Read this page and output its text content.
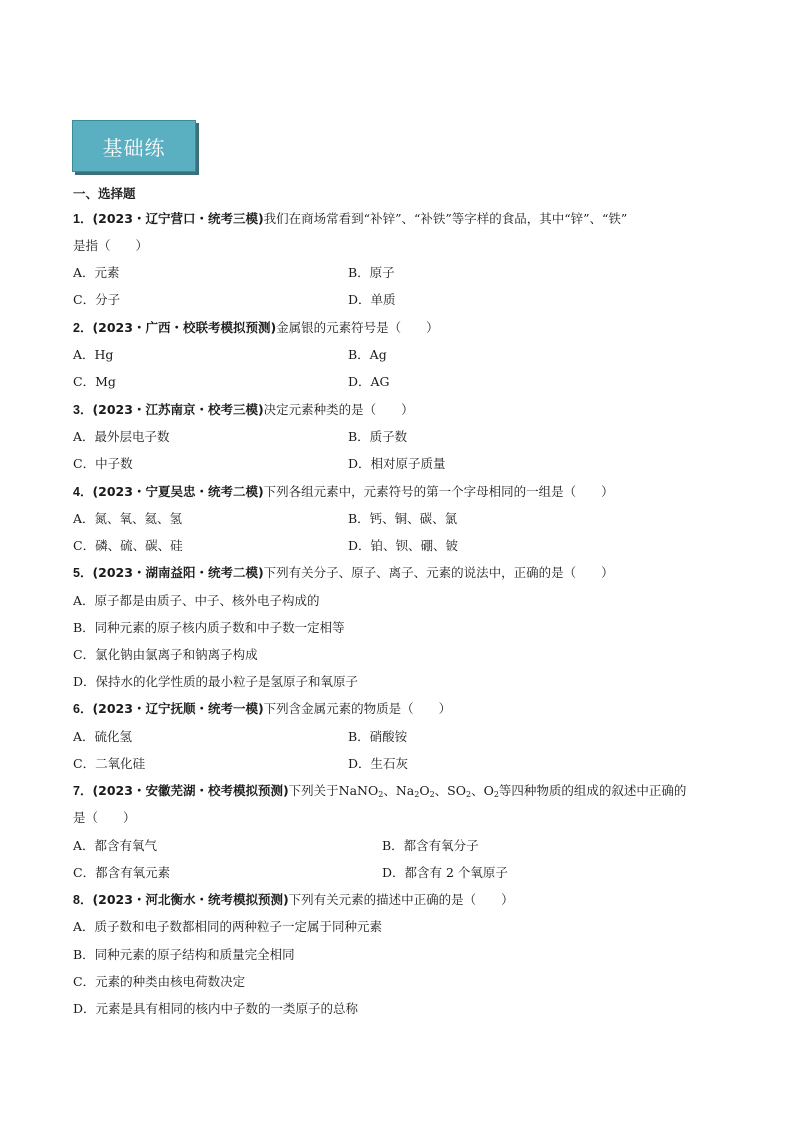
基础练
一、选择题
1．(2023・辽宁营口・统考三模)我们在商场常看到“补锌”、“补铁”等字样的食品，其中“锌”、“铁”
是指（　　）
A．元素	B．原子
C．分子	D．单质
2．(2023・广西・校联考模拟预测)金属银的元素符号是（　　）
A．Hg	B．Ag
C．Mg	D．AG
3．(2023・江苏南京・校考三模)决定元素种类的是（　　）
A．最外层电子数	B．质子数
C．中子数	D．相对原子质量
4．(2023・宁夏吴忠・统考二模)下列各组元素中，元素符号的第一个字母相同的一组是（　　）
A．氮、氧、氦、氢	B．钙、铜、碳、氯
C．磷、硫、碳、硅	D．铂、钡、硼、铍
5．(2023・湖南益阳・统考二模)下列有关分子、原子、离子、元素的说法中，正确的是（　　）
A．原子都是由质子、中子、核外电子构成的
B．同种元素的原子核内质子数和中子数一定相等
C．氯化钠由氯离子和钠离子构成
D．保持水的化学性质的最小粒子是氢原子和氧原子
6．(2023・辽宁抚顺・统考一模)下列含金属元素的物质是（　　）
A．硫化氢	B．硝酸铵
C．二氧化硅	D．生石灰
7．(2023・安徽芜湖・校考模拟预测)下列关于NaNO$_2$、$Na_2O_2$、$SO_2$、$O_2$等四种物质的组成的叙述中正确的
是（　　）
A．都含有氧气	B．都含有氧分子
C．都含有氧元素	D．都含有 2 个氧原子
8．(2023・河北衡水・统考模拟预测)下列有关元素的描述中正确的是（　　）
A．质子数和电子数都相同的两种粒子一定属于同种元素
B．同种元素的原子结构和质量完全相同
C．元素的种类由核电荷数决定
D．元素是具有相同的核内中子数的一类原子的总称
